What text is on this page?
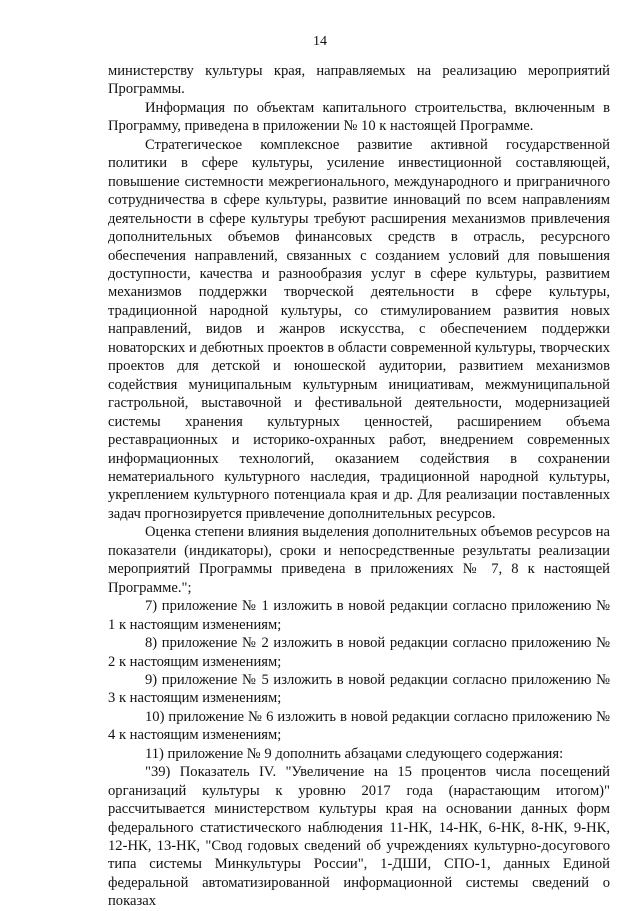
14

министерству культуры края, направляемых на реализацию мероприятий Программы.

Информация по объектам капитального строительства, включенным в Программу, приведена в приложении № 10 к настоящей Программе.

Стратегическое комплексное развитие активной государственной политики в сфере культуры, усиление инвестиционной составляющей, повышение системности межрегионального, международного и приграничного сотрудничества в сфере культуры, развитие инноваций по всем направлениям деятельности в сфере культуры требуют расширения механизмов привлечения дополнительных объемов финансовых средств в отрасль, ресурсного обеспечения направлений, связанных с созданием условий для повышения доступности, качества и разнообразия услуг в сфере культуры, развитием механизмов поддержки творческой деятельности в сфере культуры, традиционной народной культуры, со стимулированием развития новых направлений, видов и жанров искусства, с обеспечением поддержки новаторских и дебютных проектов в области современной культуры, творческих проектов для детской и юношеской аудитории, развитием механизмов содействия муниципальным культурным инициативам, межмуниципальной гастрольной, выставочной и фестивальной деятельности, модернизацией системы хранения культурных ценностей, расширением объема реставрационных и историко-охранных работ, внедрением современных информационных технологий, оказанием содействия в сохранении нематериального культурного наследия, традиционной народной культуры, укреплением культурного потенциала края и др. Для реализации поставленных задач прогнозируется привлечение дополнительных ресурсов.

Оценка степени влияния выделения дополнительных объемов ресурсов на показатели (индикаторы), сроки и непосредственные результаты реализации мероприятий Программы приведена в приложениях № 7, 8 к настоящей Программе.";

7) приложение № 1 изложить в новой редакции согласно приложению № 1 к настоящим изменениям;

8) приложение № 2 изложить в новой редакции согласно приложению № 2 к настоящим изменениям;

9) приложение № 5 изложить в новой редакции согласно приложению № 3 к настоящим изменениям;

10) приложение № 6 изложить в новой редакции согласно приложению № 4 к настоящим изменениям;

11) приложение № 9 дополнить абзацами следующего содержания:

"39) Показатель IV. "Увеличение на 15 процентов числа посещений организаций культуры к уровню 2017 года (нарастающим итогом)" рассчитывается министерством культуры края на основании данных форм федерального статистического наблюдения 11-НК, 14-НК, 6-НК, 8-НК, 9-НК, 12-НК, 13-НК, "Свод годовых сведений об учреждениях культурно-досугового типа системы Минкультуры России", 1-ДШИ, СПО-1, данных Единой федеральной автоматизированной информационной системы сведений о показах
